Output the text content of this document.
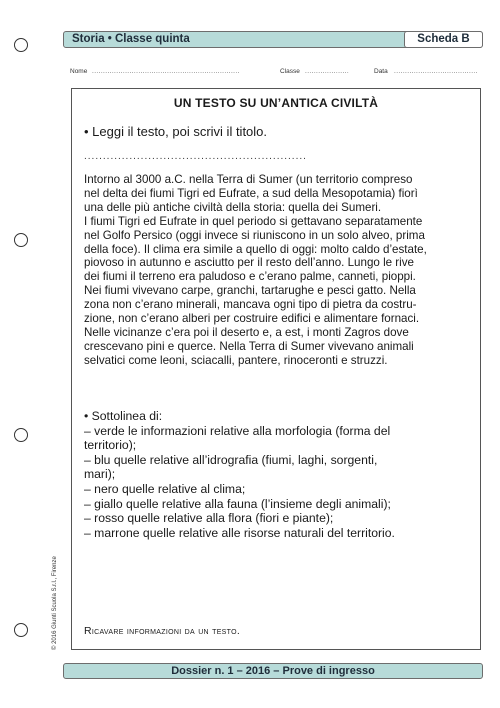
Storia • Classe quinta	Scheda B
Nome ...................................................................	Classe ....................	Data ......................................
UN TESTO SU UN’ANTICA CIVILTÀ
• Leggi il testo, poi scrivi il titolo.
...........................................................
Intorno al 3000 a.C. nella Terra di Sumer (un territorio compreso
nel delta dei fiumi Tigri ed Eufrate, a sud della Mesopotamia) fiorì
una delle più antiche civiltà della storia: quella dei Sumeri.
I fiumi Tigri ed Eufrate in quel periodo si gettavano separatamente
nel Golfo Persico (oggi invece si riuniscono in un solo alveo, prima
della foce). Il clima era simile a quello di oggi: molto caldo d’estate,
piovoso in autunno e asciutto per il resto dell’anno. Lungo le rive
dei fiumi il terreno era paludoso e c’erano palme, canneti, pioppi.
Nei fiumi vivevano carpe, granchi, tartarughe e pesci gatto. Nella
zona non c’erano minerali, mancava ogni tipo di pietra da costru-
zione, non c’erano alberi per costruire edifici e alimentare fornaci.
Nelle vicinanze c’era poi il deserto e, a est, i monti Zagros dove
crescevano pini e querce. Nella Terra di Sumer vivevano animali
selvatici come leoni, sciacalli, pantere, rinoceronti e struzzi.
• Sottolinea di:
– verde le informazioni relative alla morfologia (forma del
territorio);
– blu quelle relative all’idrografia (fiumi, laghi, sorgenti,
mari);
– nero quelle relative al clima;
– giallo quelle relative alla fauna (l’insieme degli animali);
– rosso quelle relative alla flora (fiori e piante);
– marrone quelle relative alle risorse naturali del territorio.
Ricavare informazioni da un testo.
© 2016 Giunti Scuola S.r.l., Firenze
Dossier n. 1 – 2016 – Prove di ingresso
